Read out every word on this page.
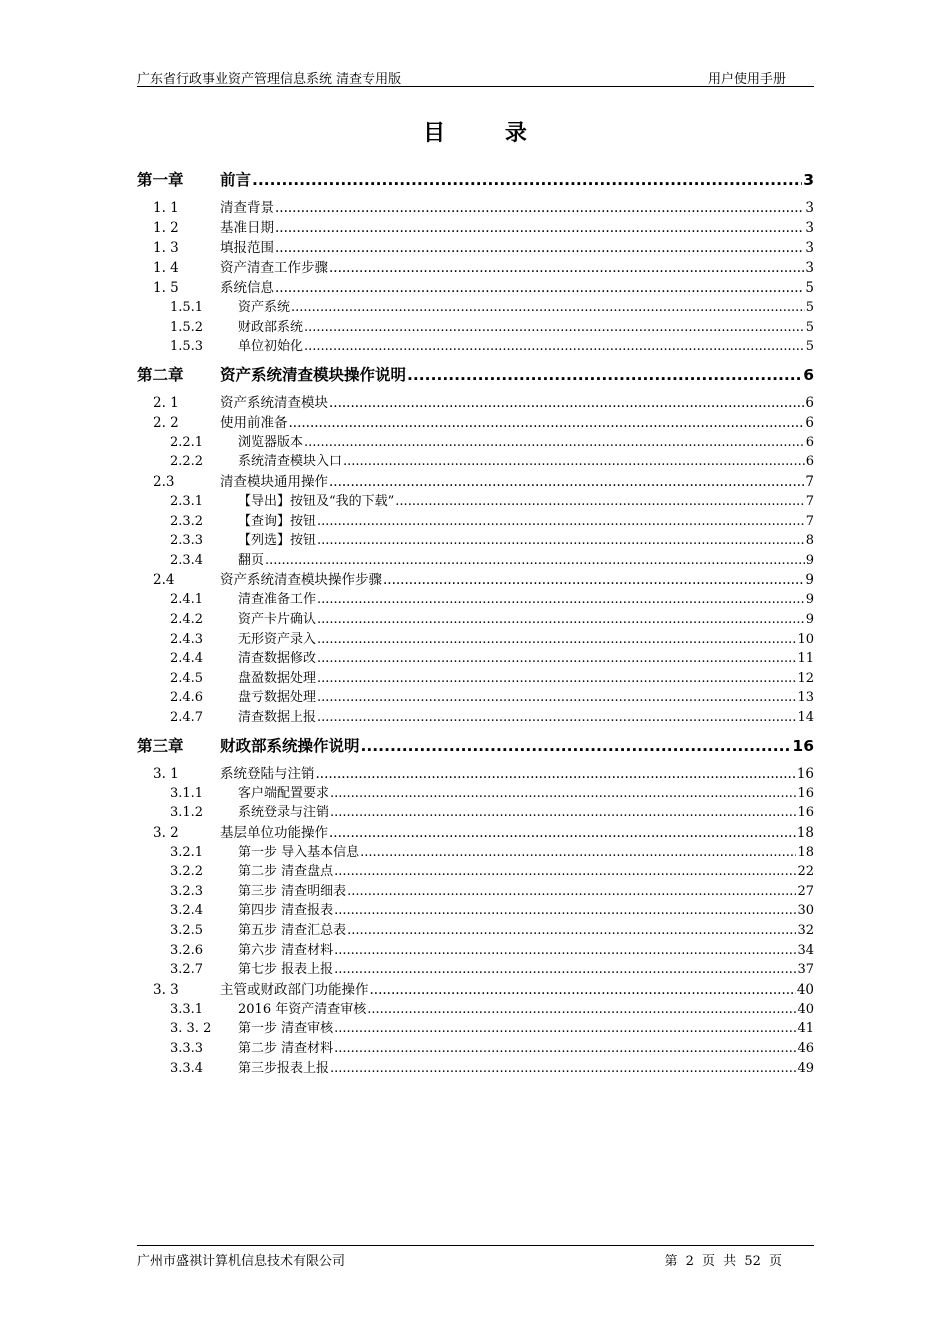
广东省行政事业资产管理信息系统 清查专用版	用户使用手册
目 录
第一章	前言 .....	3
1. 1	清查背景 .....	3
1. 2	基准日期 .....	3
1. 3	填报范围 .....	3
1. 4	资产清查工作步骤 .....	3
1. 5	系统信息 .....	5
1.5.1	资产系统 .....	5
1.5.2	财政部系统 .....	5
1.5.3	单位初始化 .....	5
第二章	资产系统清查模块操作说明 .....	6
2. 1	资产系统清查模块 .....	6
2. 2	使用前准备 .....	6
2.2.1	浏览器版本 .....	6
2.2.2	系统清查模块入口 .....	6
2.3	清查模块通用操作 .....	7
2.3.1	【导出】按钮及“我的下载” .....	7
2.3.2	【查询】按钮 .....	7
2.3.3	【列选】按钮 .....	8
2.3.4	翻页 .....	9
2.4	资产系统清查模块操作步骤 .....	9
2.4.1	清查准备工作 .....	9
2.4.2	资产卡片确认 .....	9
2.4.3	无形资产录入 .....	10
2.4.4	清查数据修改 .....	11
2.4.5	盘盈数据处理 .....	12
2.4.6	盘亏数据处理 .....	13
2.4.7	清查数据上报 .....	14
第三章	财政部系统操作说明 .....	16
3. 1	系统登陆与注销 .....	16
3.1.1	客户端配置要求 .....	16
3.1.2	系统登录与注销 .....	16
3. 2	基层单位功能操作 .....	18
3.2.1	第一步 导入基本信息 .....	18
3.2.2	第二步 清查盘点 .....	22
3.2.3	第三步 清查明细表 .....	27
3.2.4	第四步 清查报表 .....	30
3.2.5	第五步 清查汇总表 .....	32
3.2.6	第六步 清查材料 .....	34
3.2.7	第七步 报表上报 .....	37
3. 3	主管或财政部门功能操作 .....	40
3.3.1	2016 年资产清查审核 .....	40
3. 3. 2	第一步 清查审核 .....	41
3.3.3	第二步 清查材料 .....	46
3.3.4	第三步报表上报 .....	49
广州市盛祺计算机信息技术有限公司	第 2 页 共 52 页
